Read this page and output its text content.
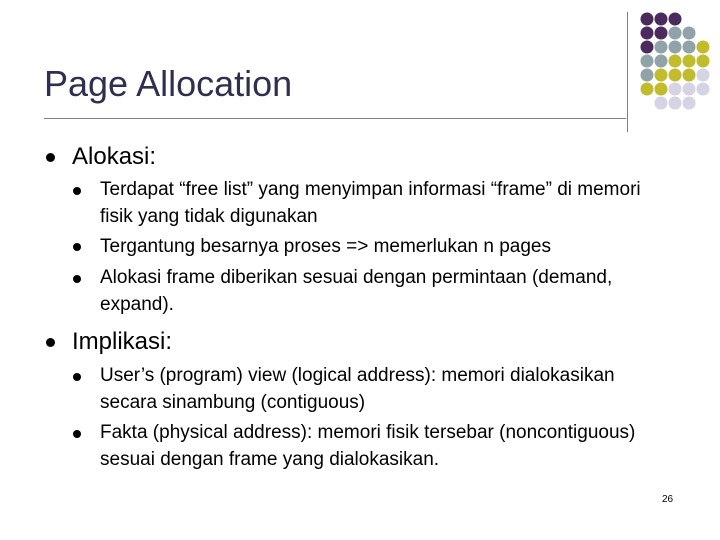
Page Allocation
Alokasi:
Terdapat “free list” yang menyimpan informasi “frame” di memori fisik yang tidak digunakan
Tergantung besarnya proses => memerlukan n pages
Alokasi frame diberikan sesuai dengan permintaan (demand, expand).
Implikasi:
User’s (program) view (logical address): memori dialokasikan secara sinambung (contiguous)
Fakta (physical address): memori fisik tersebar (noncontiguous) sesuai dengan frame yang dialokasikan.
26
